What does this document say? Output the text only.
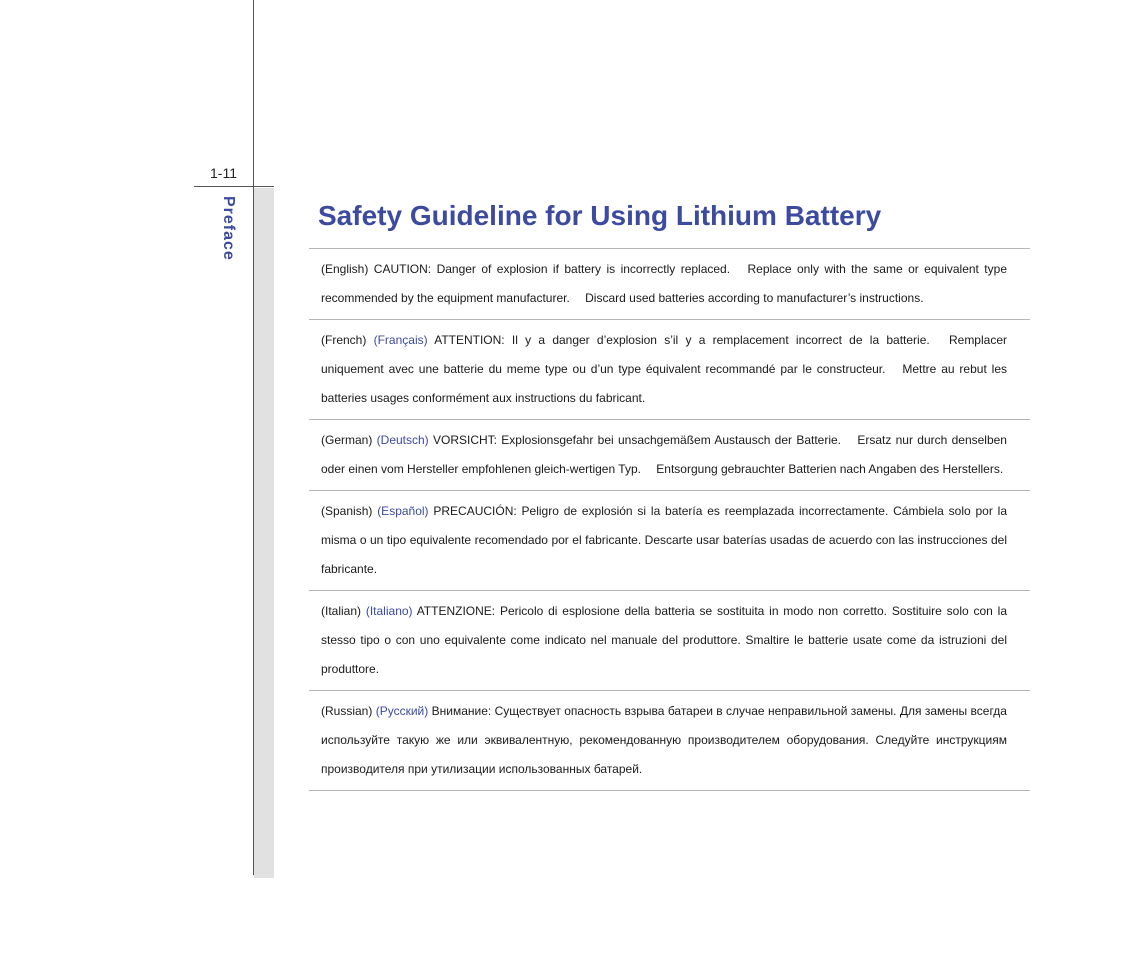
1-11
Preface	Safety Guideline for Using Lithium Battery
(English) CAUTION: Danger of explosion if battery is incorrectly replaced.  Replace only with the same or equivalent type recommended by the equipment manufacturer.  Discard used batteries according to manufacturer’s instructions.
(French) (Français) ATTENTION: Il y a danger d’explosion s’il y a remplacement incorrect de la batterie.  Remplacer uniquement avec une batterie du meme type ou d’un type équivalent recommandé par le constructeur.  Mettre au rebut les batteries usages conformément aux instructions du fabricant.
(German) (Deutsch) VORSICHT: Explosionsgefahr bei unsachgemäßem Austausch der Batterie.  Ersatz nur durch denselben oder einen vom Hersteller empfohlenen gleich-wertigen Typ.  Entsorgung gebrauchter Batterien nach Angaben des Herstellers.
(Spanish) (Español) PRECAUCIÓN: Peligro de explosión si la batería es reemplazada incorrectamente. Cámbiela solo por la misma o un tipo equivalente recomendado por el fabricante. Descarte usar baterías usadas de acuerdo con las instrucciones del fabricante.
(Italian) (Italiano) ATTENZIONE: Pericolo di esplosione della batteria se sostituita in modo non corretto. Sostituire solo con la stesso tipo o con uno equivalente come indicato nel manuale del produttore. Smaltire le batterie usate come da istruzioni del produttore.
(Russian) (Русский) Внимание: Существует опасность взрыва батареи в случае неправильной замены. Для замены всегда используйте такую же или эквивалентную, рекомендованную производителем оборудования. Следуйте инструкциям производителя при утилизации использованных батарей.
